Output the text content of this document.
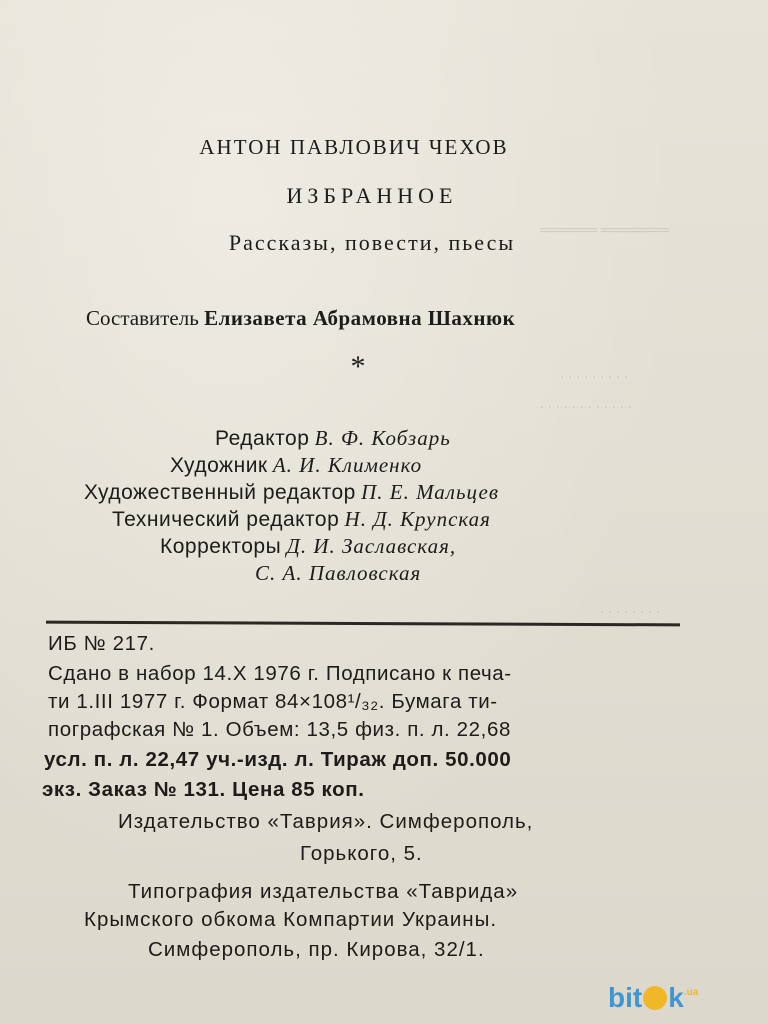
═════ ══════
. . . . . . . . .
. . . . . . . . . . . .
. . . . . . . .
АНТОН ПАВЛОВИЧ ЧЕХОВ
ИЗБРАННОЕ
Рассказы, повести, пьесы
Составитель Елизавета Абрамовна Шахнюк
*
Редактор В. Ф. Кобзарь
Художник А. И. Клименко
Художественный редактор П. Е. Мальцев
Технический редактор Н. Д. Крупская
Корректоры Д. И. Заславская,
С. А. Павловская
ИБ № 217.
Сдано в набор 14.X 1976 г. Подписано к печа-
ти 1.III 1977 г. Формат 84×108¹/₃₂. Бумага ти-
пографская № 1. Объем: 13,5 физ. п. л. 22,68
усл. п. л. 22,47 уч.-изд. л. Тираж доп. 50.000
экз. Заказ № 131. Цена 85 коп.
Издательство «Таврия». Симферополь,
Горького, 5.
Типография издательства «Таврида»
Крымского обкома Компартии Украины.
Симферополь, пр. Кирова, 32/1.
bit $k^{.ua}$
